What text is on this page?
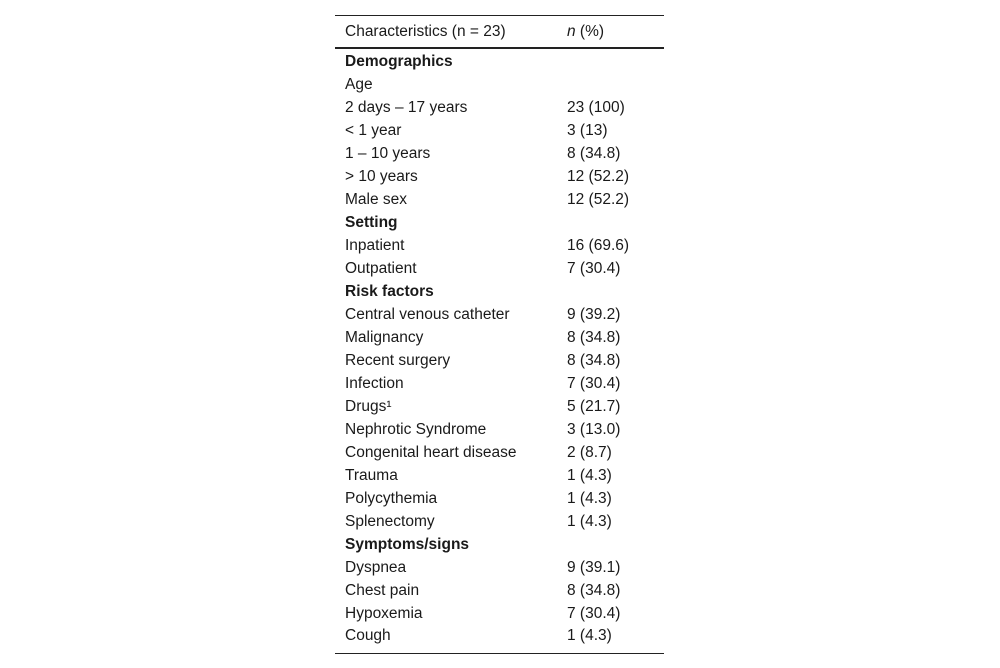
Characteristics (n = 23)	n (%)
Demographics	
Age	
2 days – 17 years	23 (100)
< 1 year	3 (13)
1 – 10 years	8 (34.8)
> 10 years	12 (52.2)
Male sex	12 (52.2)
Setting	
Inpatient	16 (69.6)
Outpatient	7 (30.4)
Risk factors	
Central venous catheter	9 (39.2)
Malignancy	8 (34.8)
Recent surgery	8 (34.8)
Infection	7 (30.4)
Drugs¹	5 (21.7)
Nephrotic Syndrome	3 (13.0)
Congenital heart disease	2 (8.7)
Trauma	1 (4.3)
Polycythemia	1 (4.3)
Splenectomy	1 (4.3)
Symptoms/signs	
Dyspnea	9 (39.1)
Chest pain	8 (34.8)
Hypoxemia	7 (30.4)
Cough	1 (4.3)
